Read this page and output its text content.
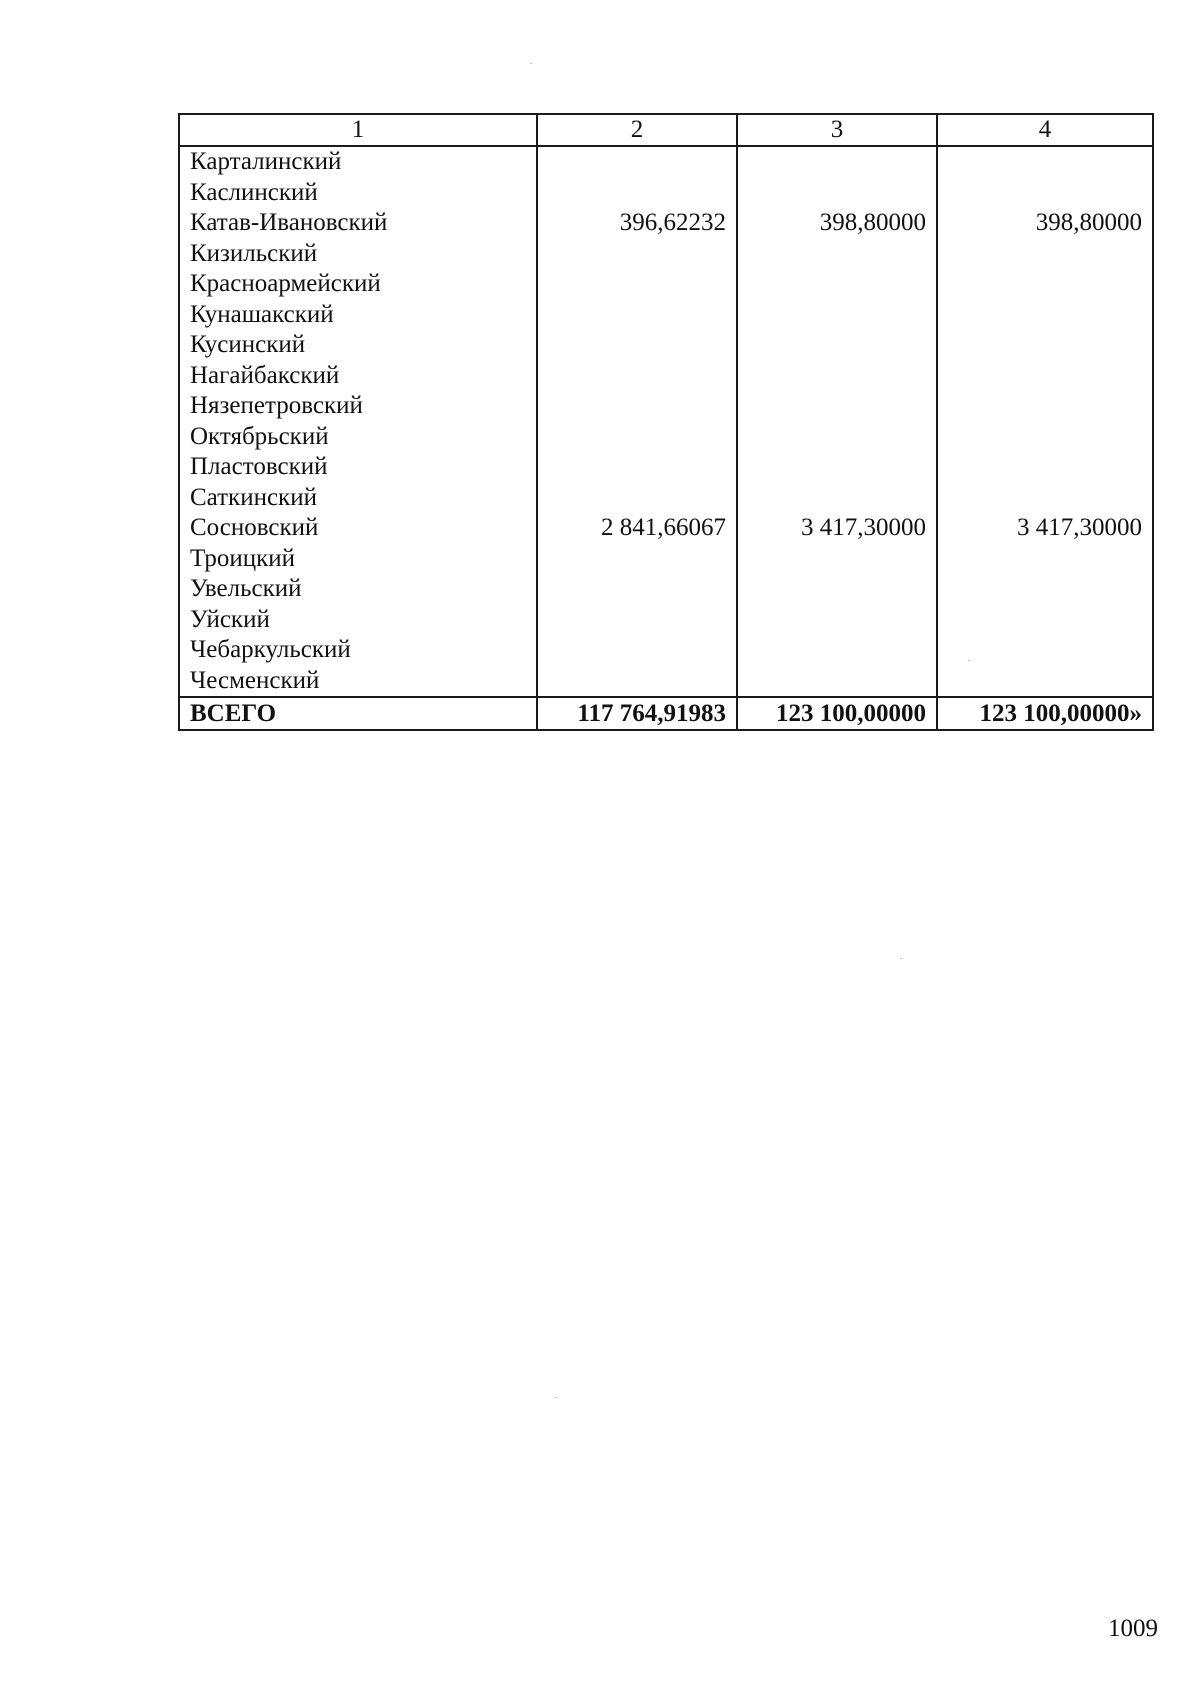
1	2	3	4
Карталинский			
Каслинский			
Катав-Ивановский	396,62232	398,80000	398,80000
Кизильский			
Красноармейский			
Кунашакский			
Кусинский			
Нагайбакский			
Нязепетровский			
Октябрьский			
Пластовский			
Саткинский			
Сосновский	2 841,66067	3 417,30000	3 417,30000
Троицкий			
Увельский			
Уйский			
Чебаркульский			
Чесменский			
ВСЕГО	117 764,91983	123 100,00000	123 100,00000»
1009
